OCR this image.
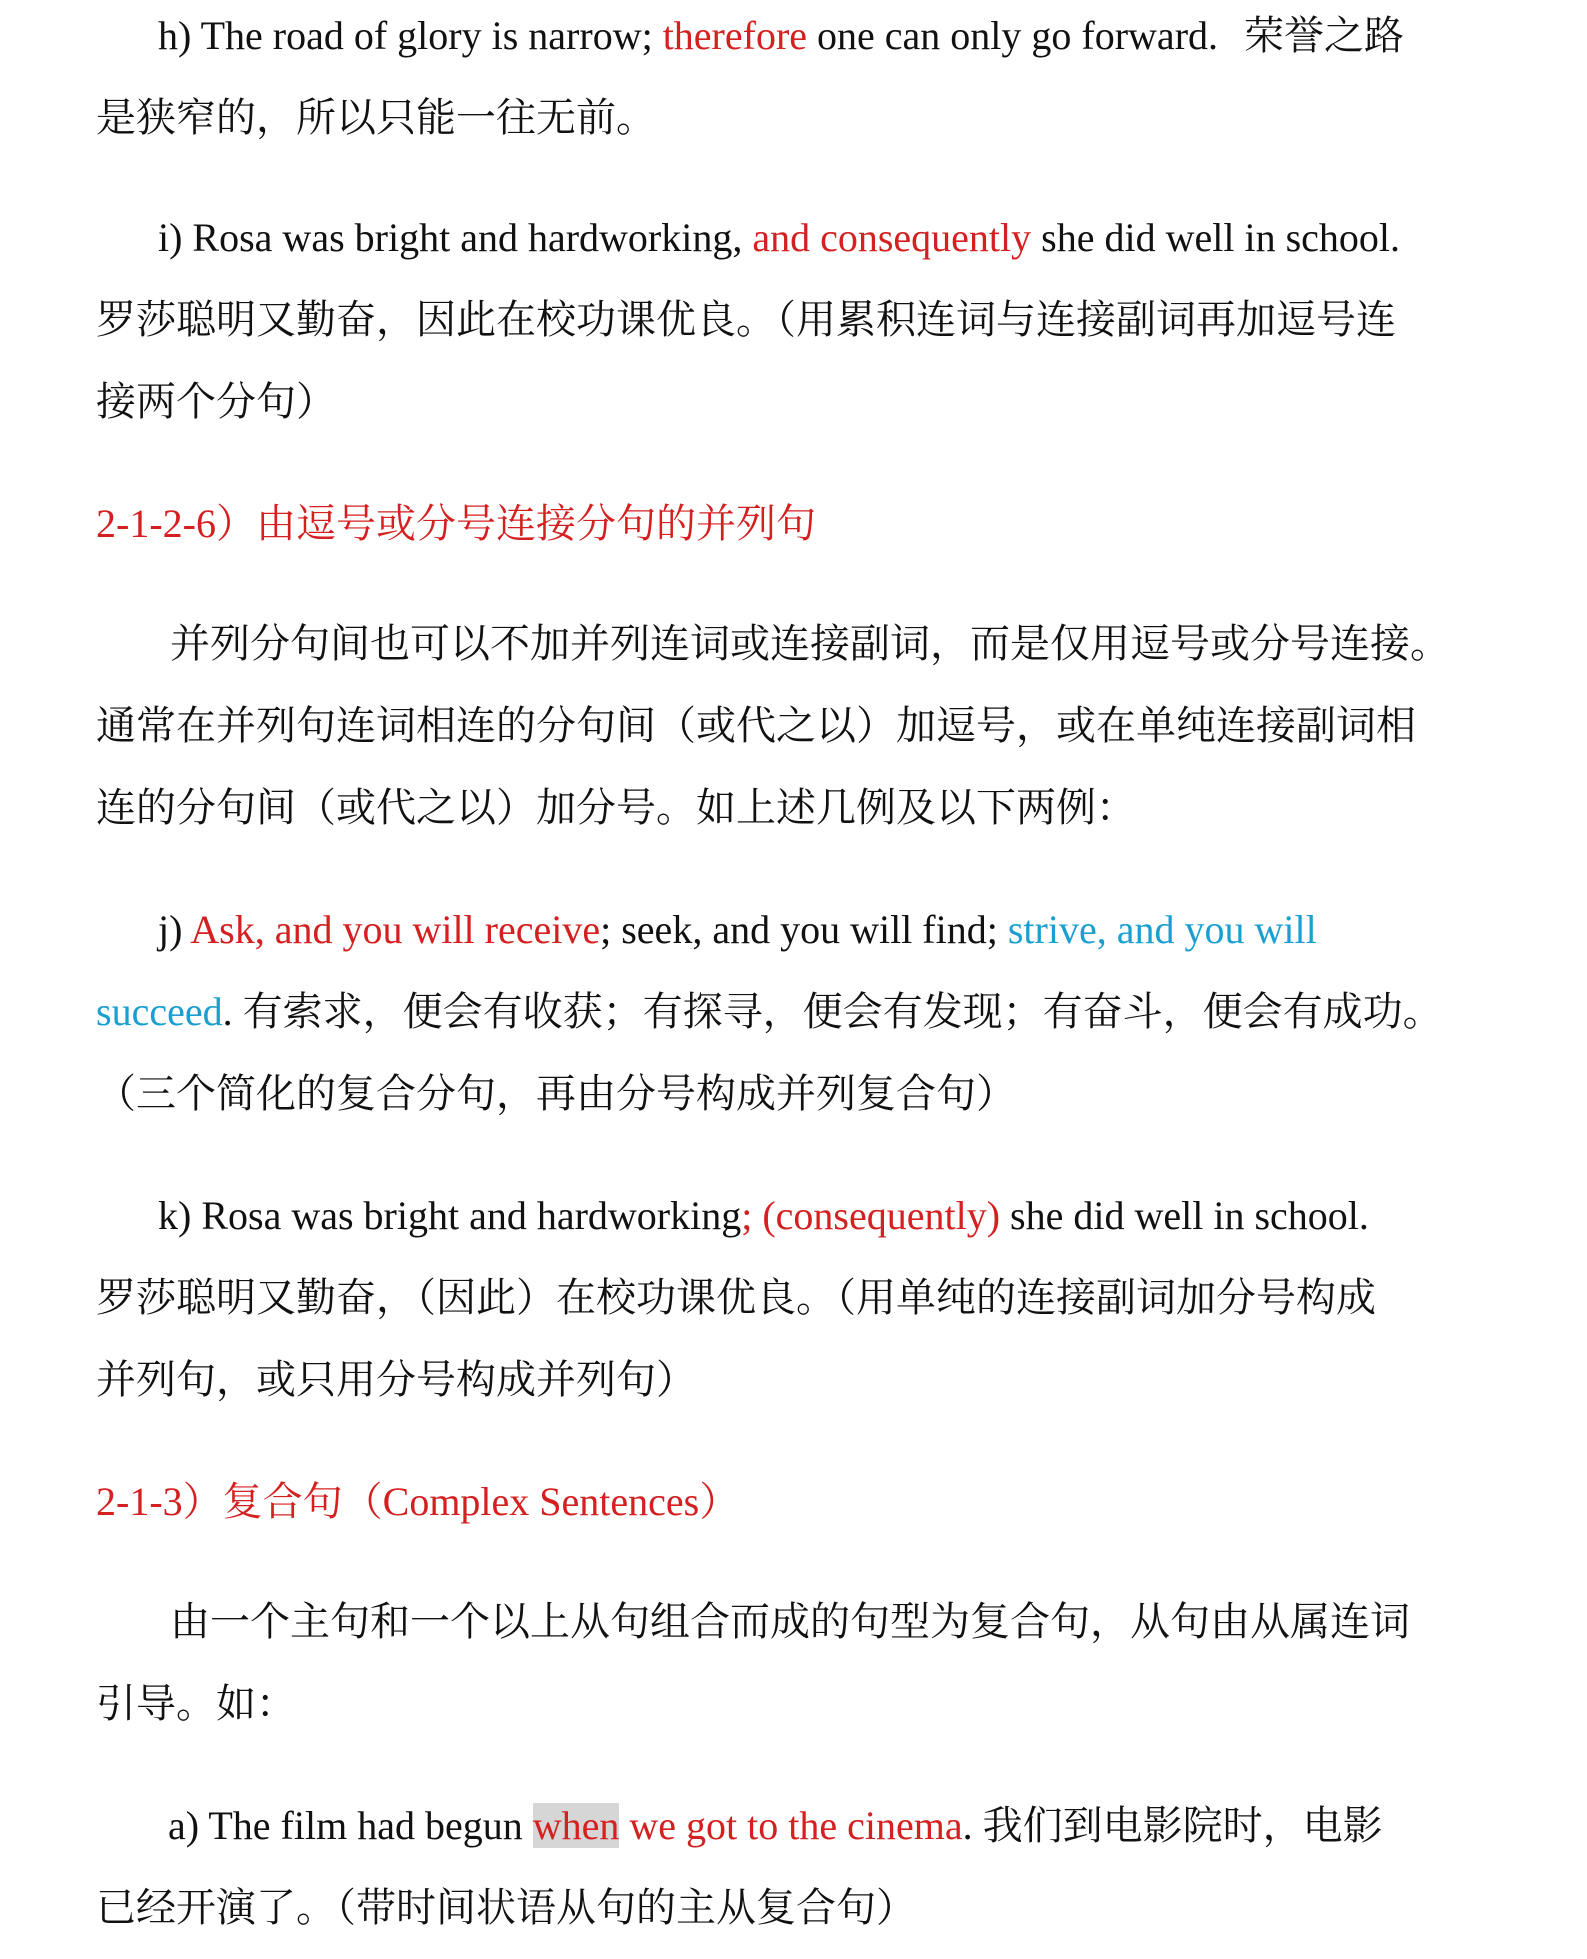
h) The road of glory is narrow; therefore one can only go forward. 荣誉之路
是狭窄的，所以只能一往无前。
i) Rosa was bright and hardworking, and consequently she did well in school.
罗莎聪明又勤奋，因此在校功课优良。（用累积连词与连接副词再加逗号连
接两个分句）
2-1-2-6）由逗号或分号连接分句的并列句
并列分句间也可以不加并列连词或连接副词，而是仅用逗号或分号连接。
通常在并列句连词相连的分句间（或代之以）加逗号，或在单纯连接副词相
连的分句间（或代之以）加分号。如上述几例及以下两例：
j) Ask, and you will receive; seek, and you will find; strive, and you will
succeed. 有索求，便会有收获；有探寻，便会有发现；有奋斗，便会有成功。
（三个简化的复合分句，再由分号构成并列复合句）
k) Rosa was bright and hardworking; (consequently) she did well in school.
罗莎聪明又勤奋，（因此）在校功课优良。（用单纯的连接副词加分号构成
并列句，或只用分号构成并列句）
2-1-3）复合句（Complex Sentences）
由一个主句和一个以上从句组合而成的句型为复合句，从句由从属连词
引导。如：
a) The film had begun when we got to the cinema. 我们到电影院时，电影
已经开演了。（带时间状语从句的主从复合句）
